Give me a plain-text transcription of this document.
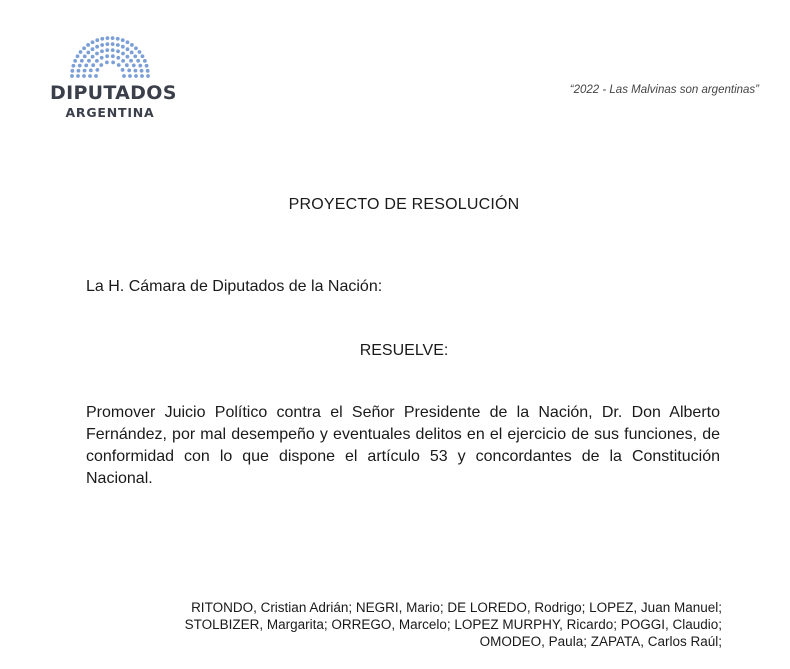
DIPUTADOS
ARGENTINA
“2022 - Las Malvinas son argentinas”
PROYECTO DE RESOLUCIÓN
La H. Cámara de Diputados de la Nación:
RESUELVE:
Promover Juicio Político contra el Señor Presidente de la Nación, Dr. Don Alberto Fernández, por mal desempeño y eventuales delitos en el ejercicio de sus funciones, de conformidad con lo que dispone el artículo 53 y concordantes de la Constitución Nacional.
RITONDO, Cristian Adrián; NEGRI, Mario; DE LOREDO, Rodrigo; LOPEZ, Juan Manuel;
STOLBIZER, Margarita; ORREGO, Marcelo; LOPEZ MURPHY, Ricardo; POGGI, Claudio;
OMODEO, Paula; ZAPATA, Carlos Raúl;
